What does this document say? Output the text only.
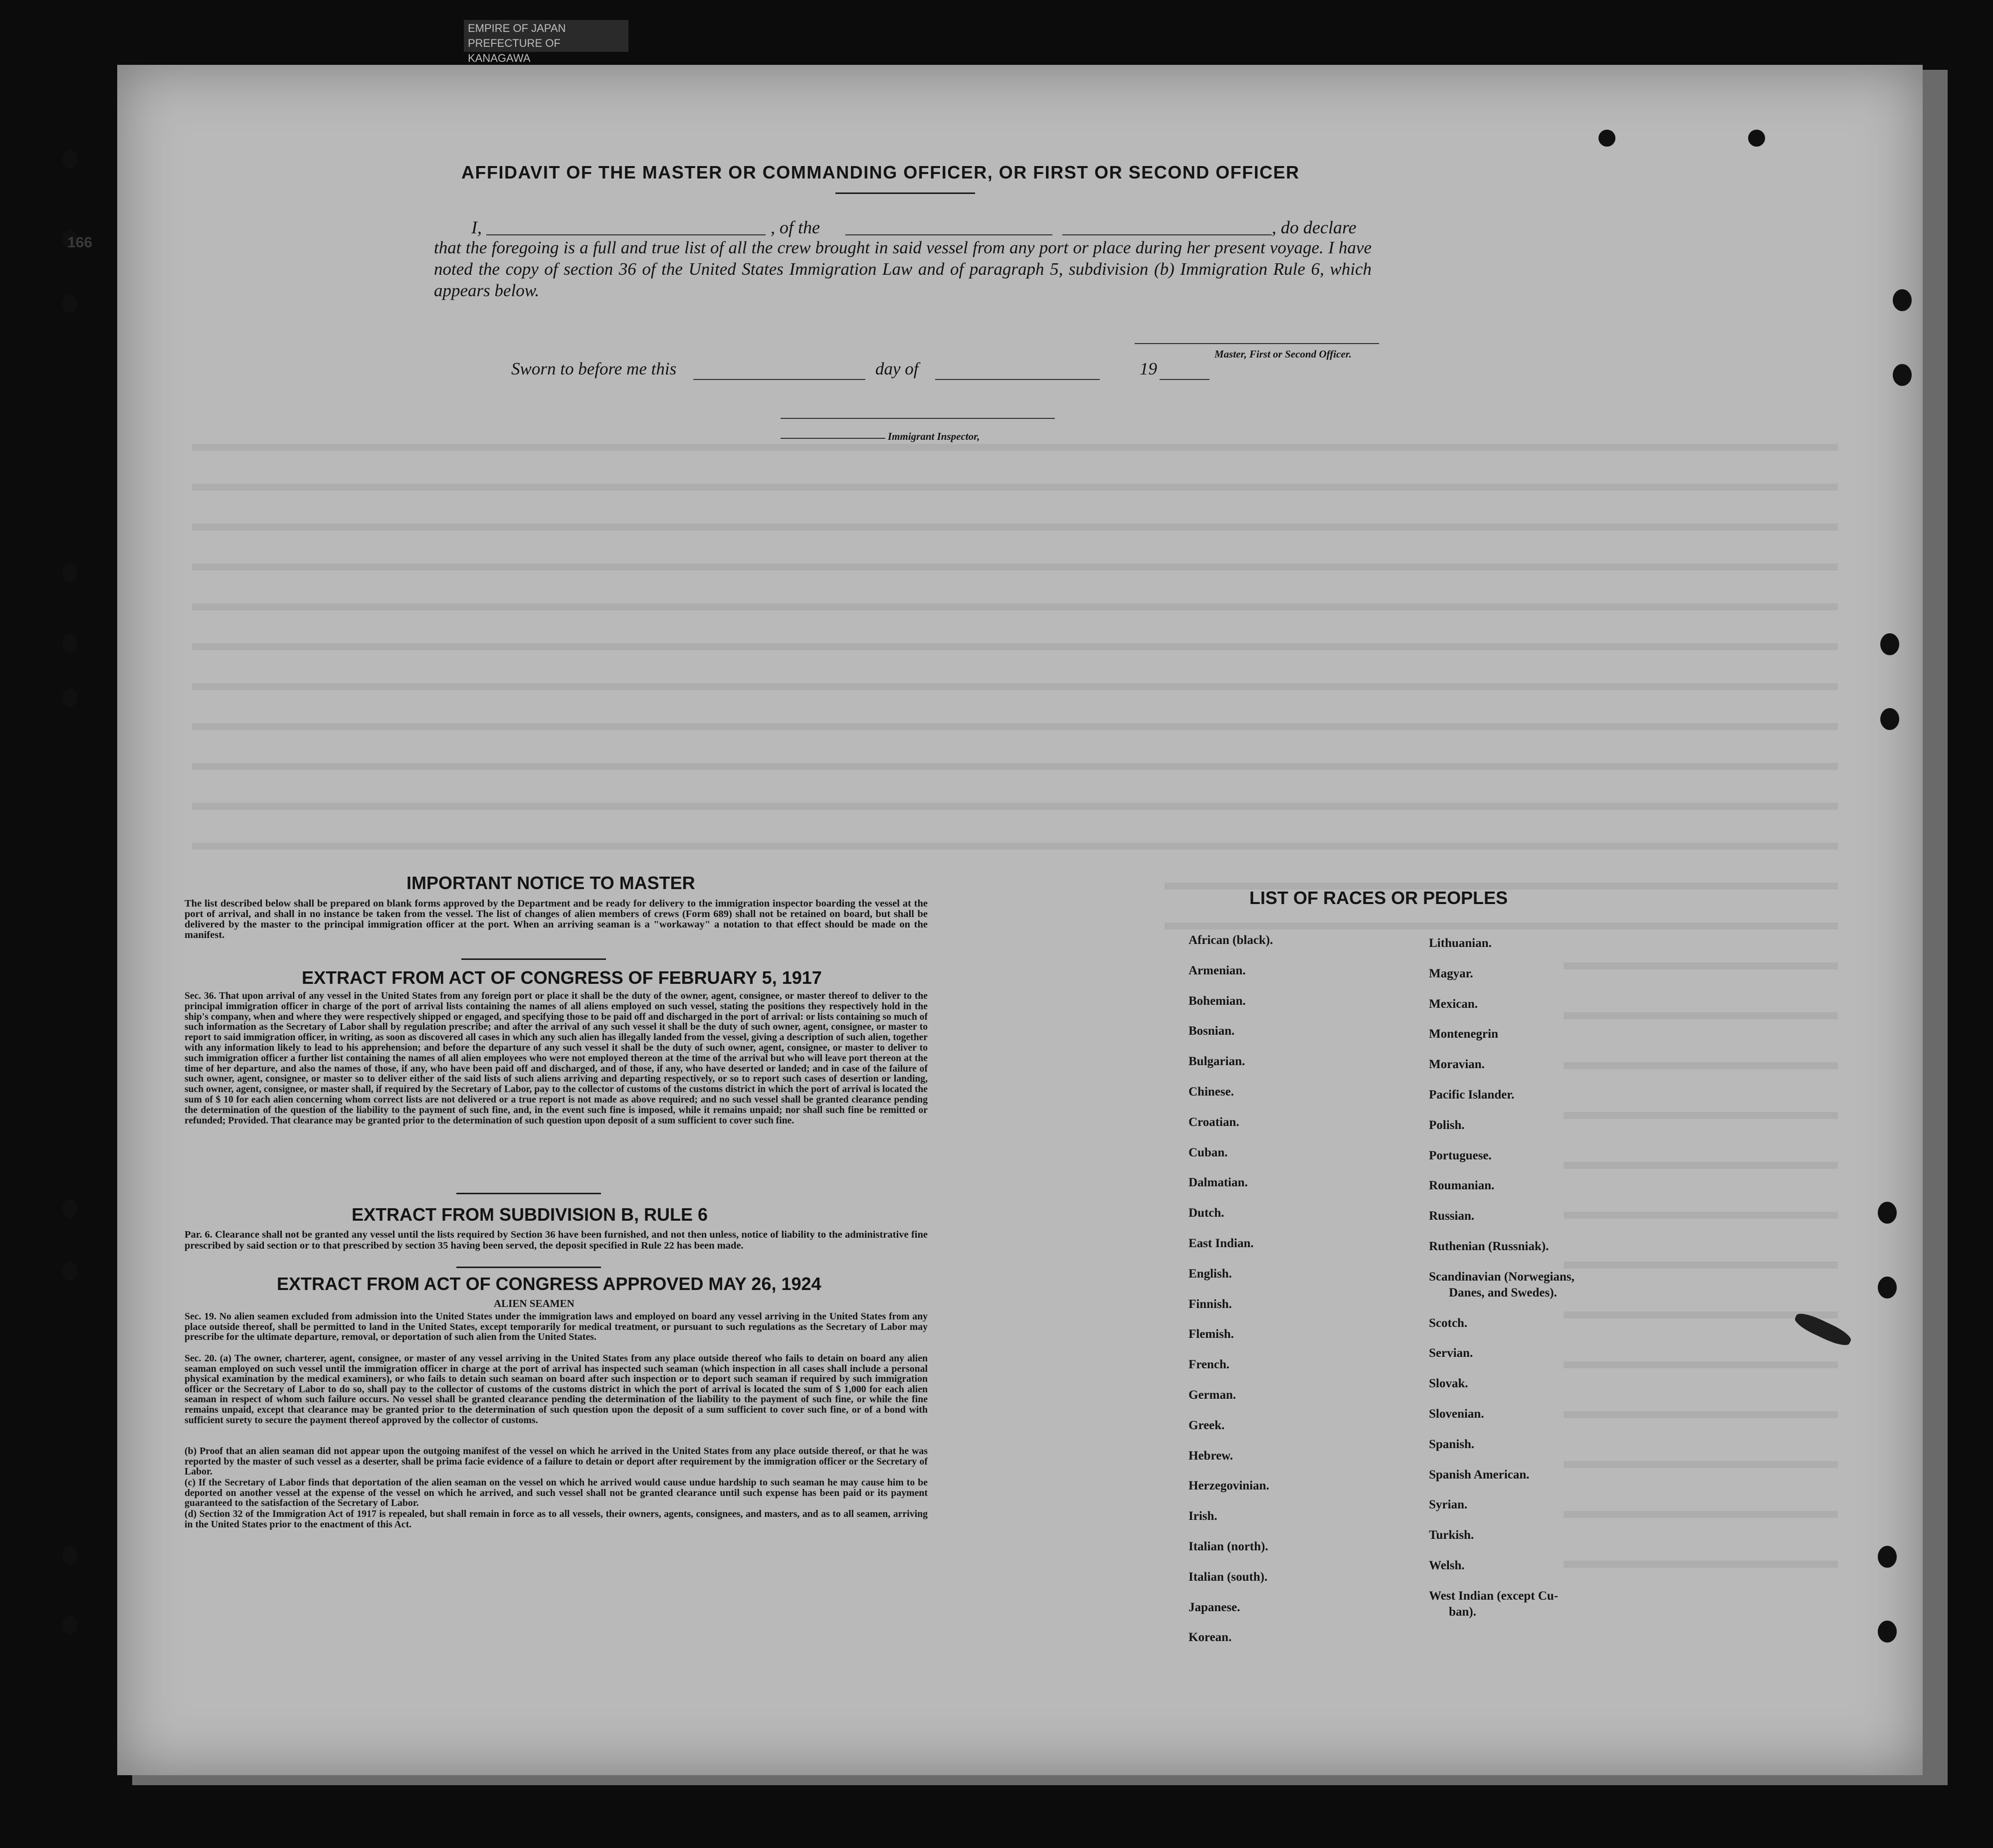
EMPIRE OF JAPAN
PREFECTURE OF KANAGAWA
166
AFFIDAVIT OF THE MASTER OR COMMANDING OFFICER, OR FIRST OR SECOND OFFICER
I,	, of the	, do declare
that the foregoing is a full and true list of all the crew brought in said vessel from any port or place during her present voyage. I have noted the copy of section 36 of the United States Immigration Law and of paragraph 5, subdivision (b) Immigration Rule 6, which appears below.
Master, First or Second Officer.
Sworn to before me this	day of	19
Immigrant Inspector,
IMPORTANT NOTICE TO MASTER
The list described below shall be prepared on blank forms approved by the Department and be ready for delivery to the immigration inspector boarding the vessel at the port of arrival, and shall in no instance be taken from the vessel. The list of changes of alien members of crews (Form 689) shall not be retained on board, but shall be delivered by the master to the principal immigration officer at the port. When an arriving seaman is a "workaway" a notation to that effect should be made on the manifest.
EXTRACT FROM ACT OF CONGRESS OF FEBRUARY 5, 1917
Sec. 36. That upon arrival of any vessel in the United States from any foreign port or place it shall be the duty of the owner, agent, consignee, or master thereof to deliver to the principal immigration officer in charge of the port of arrival lists containing the names of all aliens employed on such vessel, stating the positions they respectively hold in the ship's company, when and where they were respectively shipped or engaged, and specifying those to be paid off and discharged in the port of arrival: or lists containing so much of such information as the Secretary of Labor shall by regulation prescribe; and after the arrival of any such vessel it shall be the duty of such owner, agent, consignee, or master to report to said immigration officer, in writing, as soon as discovered all cases in which any such alien has illegally landed from the vessel, giving a description of such alien, together with any information likely to lead to his apprehension; and before the departure of any such vessel it shall be the duty of such owner, agent, consignee, or master to deliver to such immigration officer a further list containing the names of all alien employees who were not employed thereon at the time of the arrival but who will leave port thereon at the time of her departure, and also the names of those, if any, who have been paid off and discharged, and of those, if any, who have deserted or landed; and in case of the failure of such owner, agent, consignee, or master so to deliver either of the said lists of such aliens arriving and departing respectively, or so to report such cases of desertion or landing, such owner, agent, consignee, or master shall, if required by the Secretary of Labor, pay to the collector of customs of the customs district in which the port of arrival is located the sum of $ 10 for each alien concerning whom correct lists are not delivered or a true report is not made as above required; and no such vessel shall be granted clearance pending the determination of the question of the liability to the payment of such fine, and, in the event such fine is imposed, while it remains unpaid; nor shall such fine be remitted or refunded; Provided. That clearance may be granted prior to the determination of such question upon deposit of a sum sufficient to cover such fine.
EXTRACT FROM SUBDIVISION B, RULE 6
Par. 6. Clearance shall not be granted any vessel until the lists required by Section 36 have been furnished, and not then unless, notice of liability to the administrative fine prescribed by said section or to that prescribed by section 35 having been served, the deposit specified in Rule 22 has been made.
EXTRACT FROM ACT OF CONGRESS APPROVED MAY 26, 1924
ALIEN SEAMEN
Sec. 19. No alien seamen excluded from admission into the United States under the immigration laws and employed on board any vessel arriving in the United States from any place outside thereof, shall be permitted to land in the United States, except temporarily for medical treatment, or pursuant to such regulations as the Secretary of Labor may prescribe for the ultimate departure, removal, or deportation of such alien from the United States.
Sec. 20. (a) The owner, charterer, agent, consignee, or master of any vessel arriving in the United States from any place outside thereof who fails to detain on board any alien seaman employed on such vessel until the immigration officer in charge at the port of arrival has inspected such seaman (which inspection in all cases shall include a personal physical examination by the medical examiners), or who fails to detain such seaman on board after such inspection or to deport such seaman if required by such immigration officer or the Secretary of Labor to do so, shall pay to the collector of customs of the customs district in which the port of arrival is located the sum of $ 1,000 for each alien seaman in respect of whom such failure occurs. No vessel shall be granted clearance pending the determination of the liability to the payment of such fine, or while the fine remains unpaid, except that clearance may be granted prior to the determination of such question upon the deposit of a sum sufficient to cover such fine, or of a bond with sufficient surety to secure the payment thereof approved by the collector of customs.
(b) Proof that an alien seaman did not appear upon the outgoing manifest of the vessel on which he arrived in the United States from any place outside thereof, or that he was reported by the master of such vessel as a deserter, shall be prima facie evidence of a failure to detain or deport after requirement by the immigration officer or the Secretary of Labor.
(c) If the Secretary of Labor finds that deportation of the alien seaman on the vessel on which he arrived would cause undue hardship to such seaman he may cause him to be deported on another vessel at the expense of the vessel on which he arrived, and such vessel shall not be granted clearance until such expense has been paid or its payment guaranteed to the satisfaction of the Secretary of Labor.
(d) Section 32 of the Immigration Act of 1917 is repealed, but shall remain in force as to all vessels, their owners, agents, consignees, and masters, and as to all seamen, arriving in the United States prior to the enactment of this Act.
LIST OF RACES OR PEOPLES
African (black).
Armenian.
Bohemian.
Bosnian.
Bulgarian.
Chinese.
Croatian.
Cuban.
Dalmatian.
Dutch.
East Indian.
English.
Finnish.
Flemish.
French.
German.
Greek.
Hebrew.
Herzegovinian.
Irish.
Italian (north).
Italian (south).
Japanese.
Korean.
Lithuanian.
Magyar.
Mexican.
Montenegrin
Moravian.
Pacific Islander.
Polish.
Portuguese.
Roumanian.
Russian.
Ruthenian (Russniak).
Scandinavian (Norwegians,
Danes, and Swedes).
Scotch.
Servian.
Slovak.
Slovenian.
Spanish.
Spanish American.
Syrian.
Turkish.
Welsh.
West Indian (except Cu-
ban).
